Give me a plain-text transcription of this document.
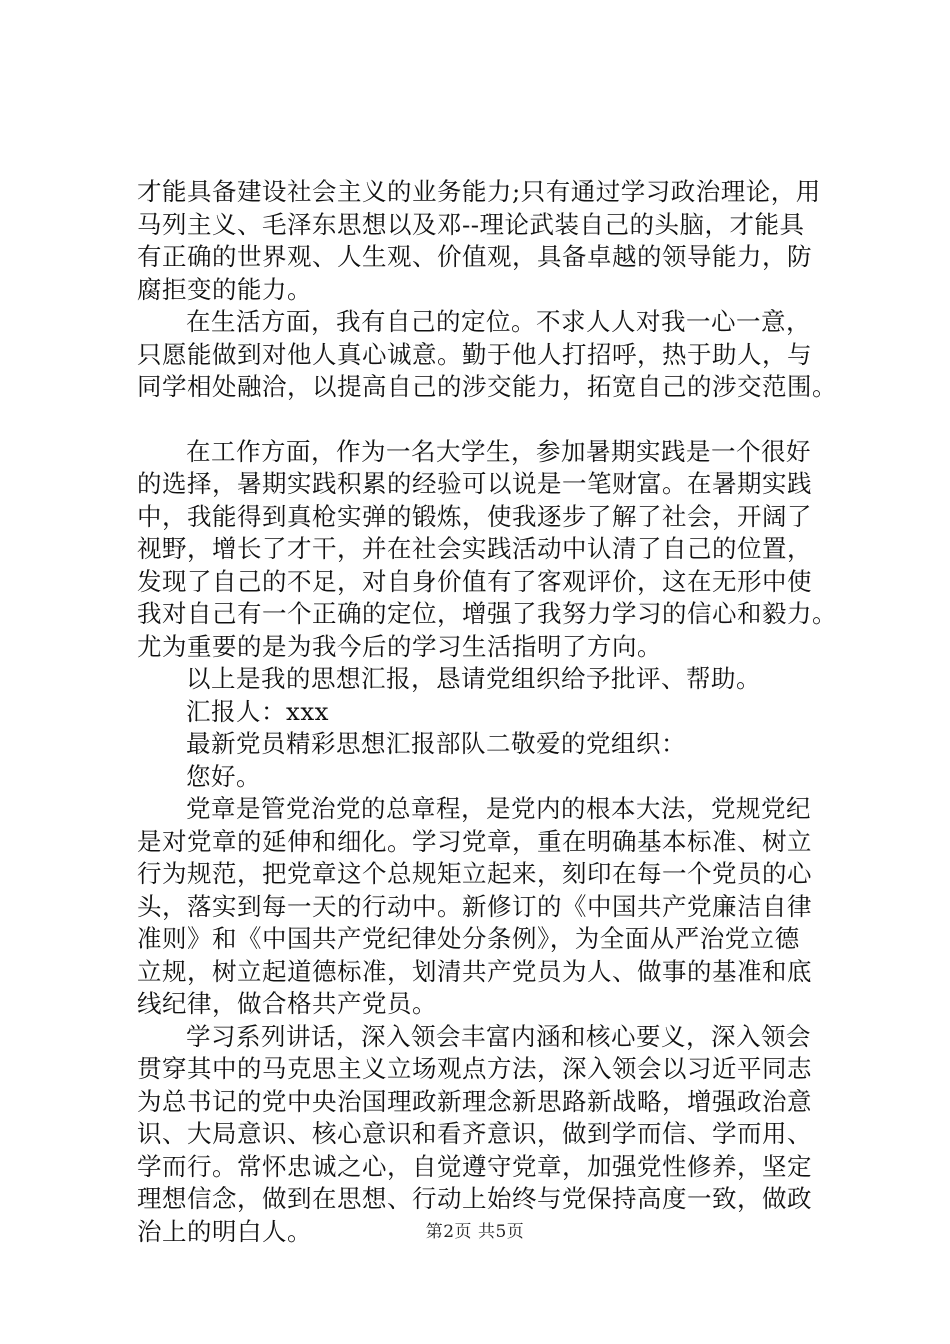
才能具备建设社会主义的业务能力;只有通过学习政治理论，用
马列主义、毛泽东思想以及邓--理论武装自己的头脑，才能具
有正确的世界观、人生观、价值观，具备卓越的领导能力，防
腐拒变的能力。
在生活方面，我有自己的定位。不求人人对我一心一意，
只愿能做到对他人真心诚意。勤于他人打招呼，热于助人，与
同学相处融洽，以提高自己的涉交能力，拓宽自己的涉交范围。
在工作方面，作为一名大学生，参加暑期实践是一个很好
的选择，暑期实践积累的经验可以说是一笔财富。在暑期实践
中，我能得到真枪实弹的锻炼，使我逐步了解了社会，开阔了
视野，增长了才干，并在社会实践活动中认清了自己的位置，
发现了自己的不足，对自身价值有了客观评价，这在无形中使
我对自己有一个正确的定位，增强了我努力学习的信心和毅力。
尤为重要的是为我今后的学习生活指明了方向。
以上是我的思想汇报，恳请党组织给予批评、帮助。
汇报人：xxx
最新党员精彩思想汇报部队二敬爱的党组织：
您好。
党章是管党治党的总章程，是党内的根本大法，党规党纪
是对党章的延伸和细化。学习党章，重在明确基本标准、树立
行为规范，把党章这个总规矩立起来，刻印在每一个党员的心
头，落实到每一天的行动中。新修订的《中国共产党廉洁自律
准则》和《中国共产党纪律处分条例》，为全面从严治党立德
立规，树立起道德标准，划清共产党员为人、做事的基准和底
线纪律，做合格共产党员。
学习系列讲话，深入领会丰富内涵和核心要义，深入领会
贯穿其中的马克思主义立场观点方法，深入领会以习近平同志
为总书记的党中央治国理政新理念新思路新战略，增强政治意
识、大局意识、核心意识和看齐意识，做到学而信、学而用、
学而行。常怀忠诚之心，自觉遵守党章，加强党性修养，坚定
理想信念，做到在思想、行动上始终与党保持高度一致，做政
治上的明白人。	第2页 共5页
